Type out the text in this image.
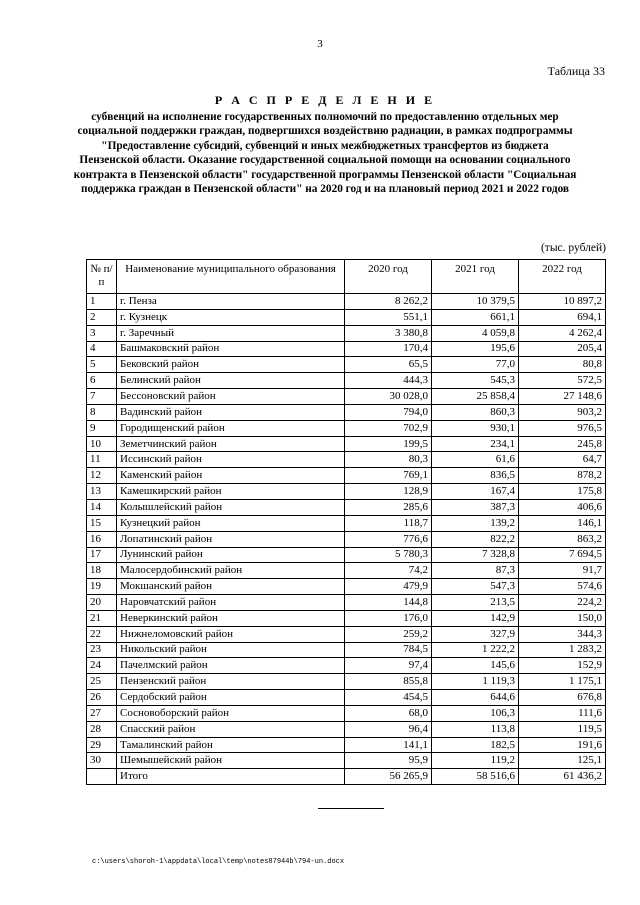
3
Таблица 33
Р А С П Р Е Д Е Л Е Н И Е
субвенций на исполнение государственных полномочий по предоставлению отдельных мер социальной поддержки граждан, подвергшихся воздействию радиации, в рамках подпрограммы "Предоставление субсидий, субвенций и иных межбюджетных трансфертов из бюджета Пензенской области. Оказание государственной социальной помощи на основании социального контракта в Пензенской области" государственной программы Пензенской области "Социальная поддержка граждан в Пензенской области" на 2020 год и на плановый период 2021 и 2022 годов
(тыс. рублей)
№ п/п	Наименование муниципального образования	2020 год	2021 год	2022 год
1	г. Пенза	8 262,2	10 379,5	10 897,2
2	г. Кузнецк	551,1	661,1	694,1
3	г. Заречный	3 380,8	4 059,8	4 262,4
4	Башмаковский район	170,4	195,6	205,4
5	Бековский район	65,5	77,0	80,8
6	Белинский район	444,3	545,3	572,5
7	Бессоновский район	30 028,0	25 858,4	27 148,6
8	Вадинский район	794,0	860,3	903,2
9	Городищенский район	702,9	930,1	976,5
10	Земетчинский район	199,5	234,1	245,8
11	Иссинский район	80,3	61,6	64,7
12	Каменский район	769,1	836,5	878,2
13	Камешкирский район	128,9	167,4	175,8
14	Колышлейский район	285,6	387,3	406,6
15	Кузнецкий район	118,7	139,2	146,1
16	Лопатинский район	776,6	822,2	863,2
17	Лунинский район	5 780,3	7 328,8	7 694,5
18	Малосердобинский район	74,2	87,3	91,7
19	Мокшанский район	479,9	547,3	574,6
20	Наровчатский район	144,8	213,5	224,2
21	Неверкинский район	176,0	142,9	150,0
22	Нижнеломовский район	259,2	327,9	344,3
23	Никольский район	784,5	1 222,2	1 283,2
24	Пачелмский район	97,4	145,6	152,9
25	Пензенский район	855,8	1 119,3	1 175,1
26	Сердобский район	454,5	644,6	676,8
27	Сосновоборский район	68,0	106,3	111,6
28	Спасский район	96,4	113,8	119,5
29	Тамалинский район	141,1	182,5	191,6
30	Шемышейский район	95,9	119,2	125,1
	Итого	56 265,9	58 516,6	61 436,2
c:\users\shoroh-1\appdata\local\temp\notes87944b\794-un.docx
